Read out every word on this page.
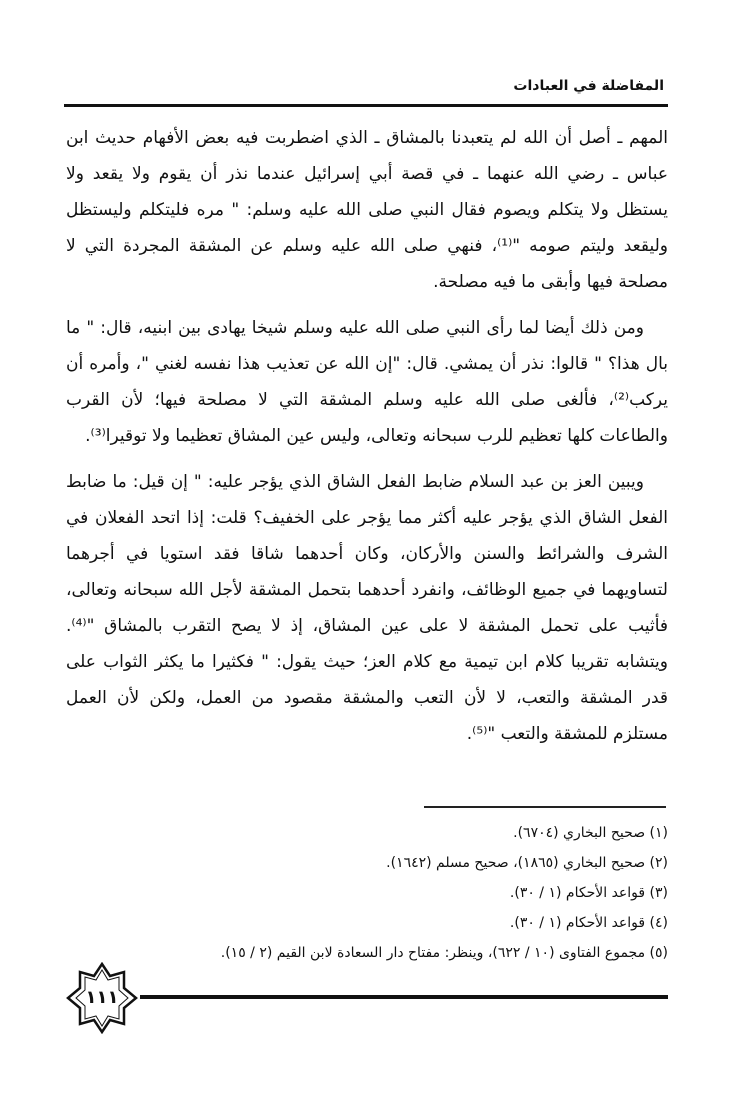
المفاضلة في العبادات

المهم ـ أصل أن الله لم يتعبدنا بالمشاق ـ الذي اضطربت فيه بعض الأفهام حديث ابن عباس ـ رضي الله عنهما ـ في قصة أبي إسرائيل عندما نذر أن يقوم ولا يقعد ولا يستظل ولا يتكلم ويصوم فقال النبي صلى الله عليه وسلم: " مره فليتكلم وليستظل وليقعد وليتم صومه "⁽¹⁾، فنهي صلى الله عليه وسلم عن المشقة المجردة التي لا مصلحة فيها وأبقى ما فيه مصلحة.

ومن ذلك أيضا لما رأى النبي صلى الله عليه وسلم شيخا يهادى بين ابنيه، قال: " ما بال هذا؟ " قالوا: نذر أن يمشي. قال: "إن الله عن تعذيب هذا نفسه لغني "، وأمره أن يركب⁽²⁾، فألغى صلى الله عليه وسلم المشقة التي لا مصلحة فيها؛ لأن القرب والطاعات كلها تعظيم للرب سبحانه وتعالى، وليس عين المشاق تعظيما ولا توقيرا⁽³⁾.

ويبين العز بن عبد السلام ضابط الفعل الشاق الذي يؤجر عليه: " إن قيل: ما ضابط الفعل الشاق الذي يؤجر عليه أكثر مما يؤجر على الخفيف؟ قلت: إذا اتحد الفعلان في الشرف والشرائط والسنن والأركان، وكان أحدهما شاقا فقد استويا في أجرهما لتساويهما في جميع الوظائف، وانفرد أحدهما بتحمل المشقة لأجل الله سبحانه وتعالى، فأثيب على تحمل المشقة لا على عين المشاق، إذ لا يصح التقرب بالمشاق "⁽⁴⁾. ويتشابه تقريبا كلام ابن تيمية مع كلام العز؛ حيث يقول: " فكثيرا ما يكثر الثواب على قدر المشقة والتعب، لا لأن التعب والمشقة مقصود من العمل، ولكن لأن العمل مستلزم للمشقة والتعب "⁽⁵⁾.

(١) صحيح البخاري (٦٧٠٤).
(٢) صحيح البخاري (١٨٦٥)، صحيح مسلم (١٦٤٢).
(٣) قواعد الأحكام (١ / ٣٠).
(٤) قواعد الأحكام (١ / ٣٠).
(٥) مجموع الفتاوى (١٠ / ٦٢٢)، وينظر: مفتاح دار السعادة لابن القيم (٢ / ١٥).
١١١
